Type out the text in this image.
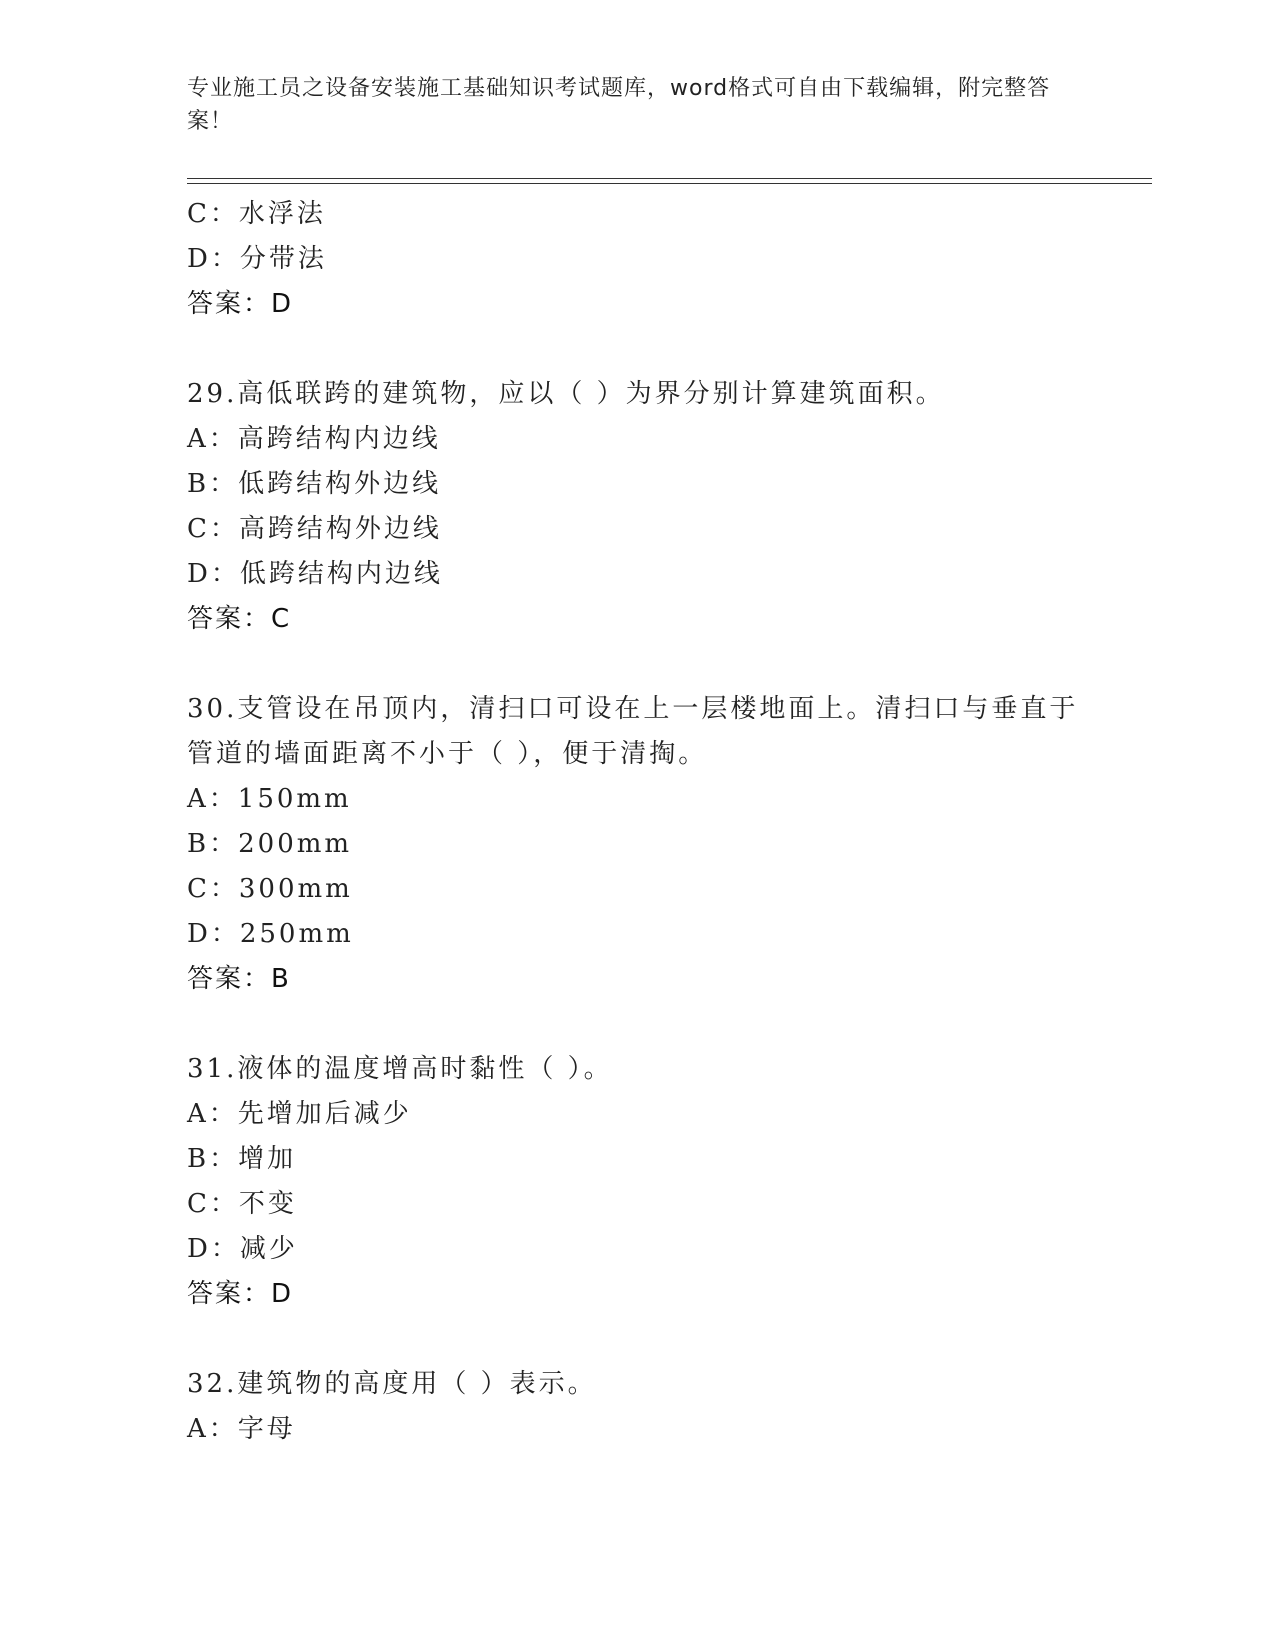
专业施工员之设备安装施工基础知识考试题库，word格式可自由下载编辑，附完整答案！
C：水浮法
D：分带法
答案：D
29.高低联跨的建筑物，应以（ ）为界分别计算建筑面积。
A：高跨结构内边线
B：低跨结构外边线
C：高跨结构外边线
D：低跨结构内边线
答案：C
30.支管设在吊顶内，清扫口可设在上一层楼地面上。清扫口与垂直于
管道的墙面距离不小于（ ），便于清掏。
A：150mm
B：200mm
C：300mm
D：250mm
答案：B
31.液体的温度增高时黏性（ ）。
A：先增加后减少
B：增加
C：不变
D：减少
答案：D
32.建筑物的高度用（ ）表示。
A：字母
